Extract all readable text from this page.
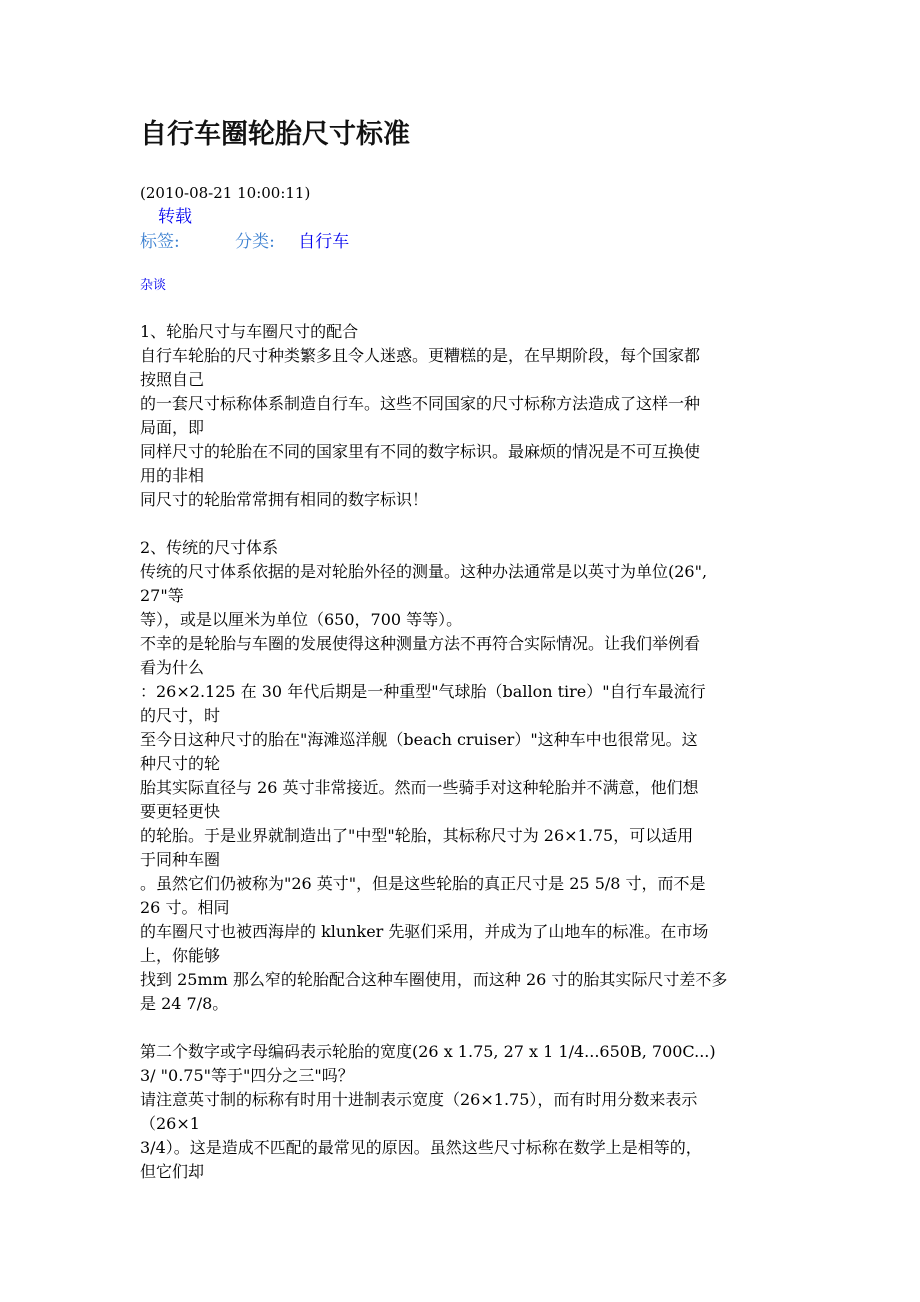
自行车圈轮胎尺寸标准
(2010-08-21 10:00:11)
转载
标签:	分类: 自行车
杂谈
1、轮胎尺寸与车圈尺寸的配合
自行车轮胎的尺寸种类繁多且令人迷惑。更糟糕的是，在早期阶段，每个国家都
按照自己
的一套尺寸标称体系制造自行车。这些不同国家的尺寸标称方法造成了这样一种
局面，即
同样尺寸的轮胎在不同的国家里有不同的数字标识。最麻烦的情况是不可互换使
用的非相
同尺寸的轮胎常常拥有相同的数字标识！
2、传统的尺寸体系
传统的尺寸体系依据的是对轮胎外径的测量。这种办法通常是以英寸为单位(26",
27"等
等），或是以厘米为单位（650，700 等等）。
不幸的是轮胎与车圈的发展使得这种测量方法不再符合实际情况。让我们举例看
看为什么
：26×2.125 在 30 年代后期是一种重型"气球胎（ballon tire）"自行车最流行
的尺寸，时
至今日这种尺寸的胎在"海滩巡洋舰（beach cruiser）"这种车中也很常见。这
种尺寸的轮
胎其实际直径与 26 英寸非常接近。然而一些骑手对这种轮胎并不满意，他们想
要更轻更快
的轮胎。于是业界就制造出了"中型"轮胎，其标称尺寸为 26×1.75，可以适用
于同种车圈
。虽然它们仍被称为"26 英寸"，但是这些轮胎的真正尺寸是 25 5/8 寸，而不是
26 寸。相同
的车圈尺寸也被西海岸的 klunker 先驱们采用，并成为了山地车的标准。在市场
上，你能够
找到 25mm 那么窄的轮胎配合这种车圈使用，而这种 26 寸的胎其实际尺寸差不多
是 24 7/8。
第二个数字或字母编码表示轮胎的宽度(26 x 1.75, 27 x 1 1/4...650B, 700C...)
3/ "0.75"等于"四分之三"吗？
请注意英寸制的标称有时用十进制表示宽度（26×1.75），而有时用分数来表示
（26×1
3/4）。这是造成不匹配的最常见的原因。虽然这些尺寸标称在数学上是相等的，
但它们却
